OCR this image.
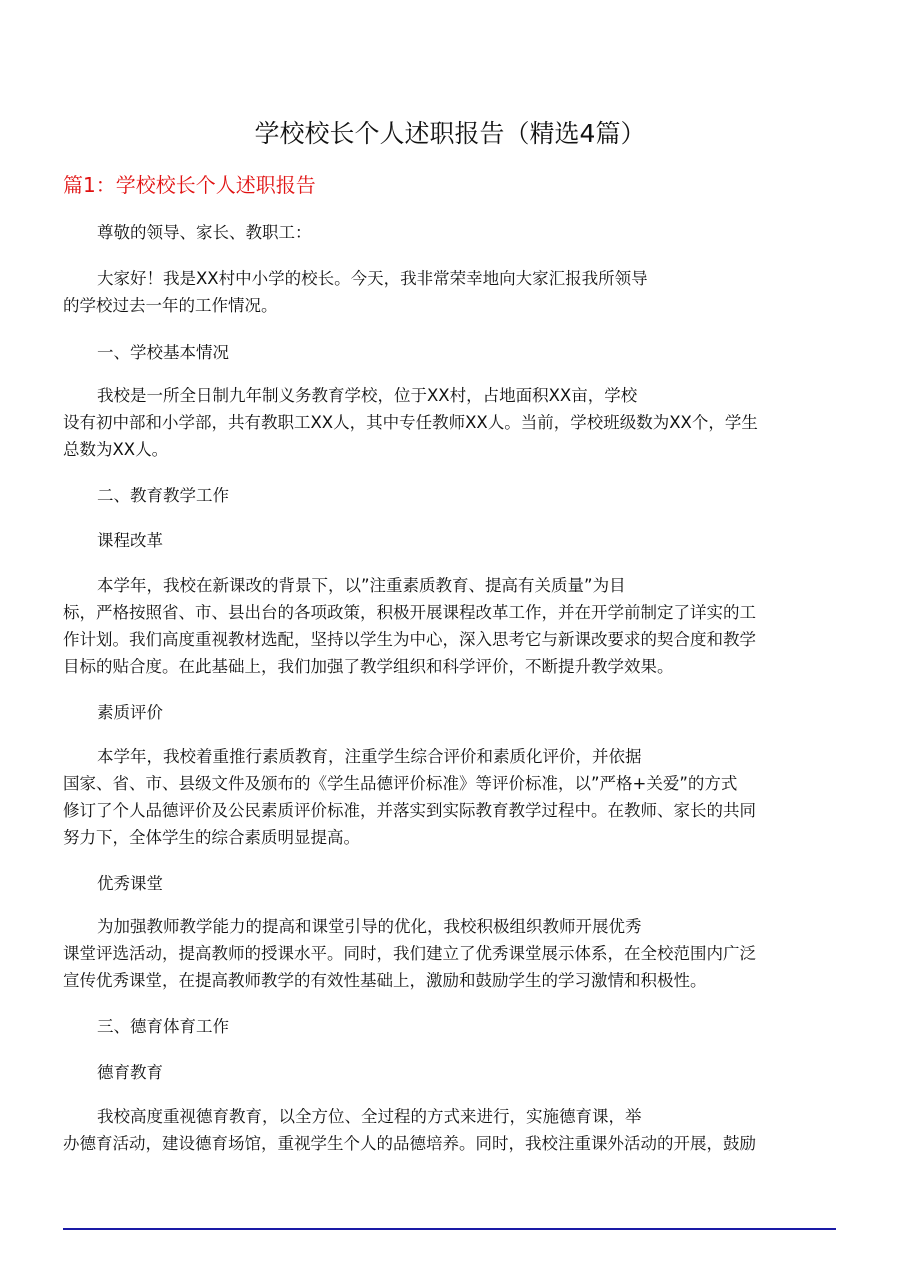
学校校长个人述职报告（精选4篇）
篇1：学校校长个人述职报告
尊敬的领导、家长、教职工：
大家好！我是XX村中小学的校长。今天，我非常荣幸地向大家汇报我所领导
的学校过去一年的工作情况。
一、学校基本情况
我校是一所全日制九年制义务教育学校，位于XX村，占地面积XX亩，学校
设有初中部和小学部，共有教职工XX人，其中专任教师XX人。当前，学校班级数为XX个，学生
总数为XX人。
二、教育教学工作
课程改革
本学年，我校在新课改的背景下，以”注重素质教育、提高有关质量”为目
标，严格按照省、市、县出台的各项政策，积极开展课程改革工作，并在开学前制定了详实的工
作计划。我们高度重视教材选配，坚持以学生为中心，深入思考它与新课改要求的契合度和教学
目标的贴合度。在此基础上，我们加强了教学组织和科学评价，不断提升教学效果。
素质评价
本学年，我校着重推行素质教育，注重学生综合评价和素质化评价，并依据
国家、省、市、县级文件及颁布的《学生品德评价标准》等评价标准，以”严格+关爱”的方式
修订了个人品德评价及公民素质评价标准，并落实到实际教育教学过程中。在教师、家长的共同
努力下，全体学生的综合素质明显提高。
优秀课堂
为加强教师教学能力的提高和课堂引导的优化，我校积极组织教师开展优秀
课堂评选活动，提高教师的授课水平。同时，我们建立了优秀课堂展示体系，在全校范围内广泛
宣传优秀课堂，在提高教师教学的有效性基础上，激励和鼓励学生的学习激情和积极性。
三、德育体育工作
德育教育
我校高度重视德育教育，以全方位、全过程的方式来进行，实施德育课，举
办德育活动，建设德育场馆，重视学生个人的品德培养。同时，我校注重课外活动的开展，鼓励
